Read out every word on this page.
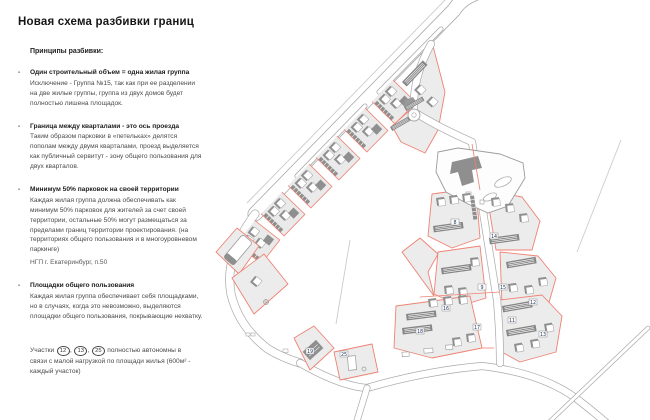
8
14
9	15
16
17
18
11
12
13
19
25
Новая схема разбивки границ
Принципы разбивки:
-	Один строительный объем = одна жилая группа
Исключение - Группа №15, так как при ее разделении на две жилые группы, группа из двух домов будет полностью лишена площадок.
-	Граница между кварталами - это ось проезда
Таким образом парковки в «петельках» делятся пополам между двумя кварталами, проезд выделяется как публичный сервитут - зону общего пользования для двух кварталов.
-	Минимум 50% парковок на своей территории
Каждая жилая группа должна обеспечивать как минимум 50% парковок для жителей за счет своей территории, остальные 50% могут размещаться за пределами границ территории проектирования. (на территориях общего пользования и в многоуровневом паркинге)
НГП г. Екатеринбург, п.50
-	Площадки общего пользования
Каждая жилая группа обеспечивает себя площадками, но в случаях, когда это невозможно, выделяются площадки общего пользования, покрывающие нехватку.
Участки 12 , 13 , 25 полностью автономны в связи с малой нагрузкой по площади жилья (600м² - каждый участок)
